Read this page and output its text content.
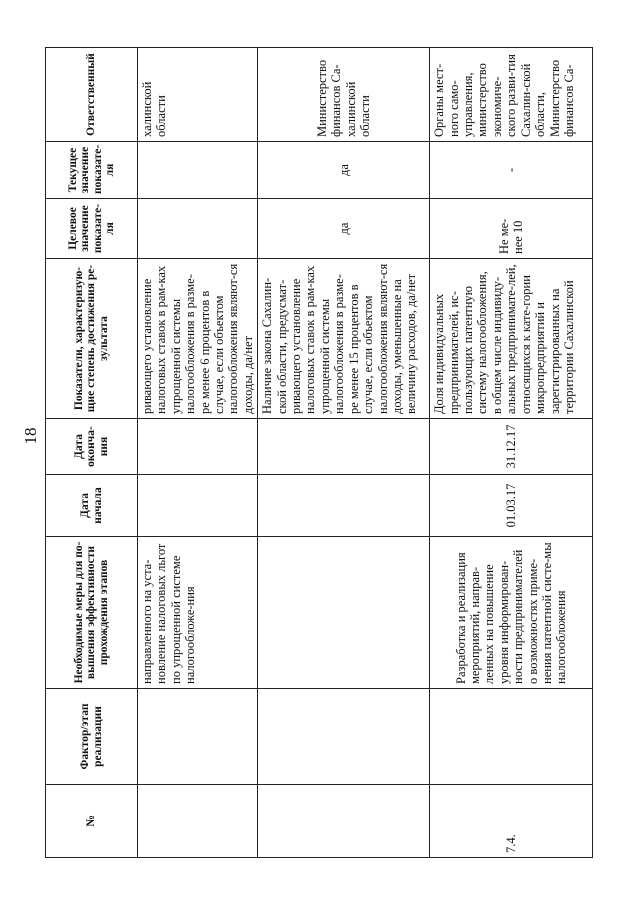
18
№	Фактор/этап реализации	Необходимые меры для по-вышения эффективности прохождения этапов	Дата начала	Дата оконча-ния	Показатели, характеризую-щие степень достижения ре-зультата	Целевое значение показате-ля	Текущее значение показате-ля	Ответственный
		направленного на уста-новление налоговых льгот по упрощенной системе налогообложе-ния			ривающего установление налоговых ставок в рам-ках упрощенной системы налогообложения в разме-ре менее 6 процентов в случае, если объектом налогообложения являют-ся доходы, да/нет			халинской области
					Наличие закона Сахалин-ской области, предусмат-ривающего установление налоговых ставок в рам-ках упрощенной системы налогообложения в разме-ре менее 15 процентов в случае, если объектом налогообложения являют-ся доходы, уменьшенные на величину расходов, да/нет	да	да	Министерство финансов Са-халинской области
7.4.		Разработка и реализация мероприятий, направ-ленных на повышение уровня информирован-ности предпринимателей о возможностях приме-нения патентной систе-мы налогообложения	01.03.17	31.12.17	Доля индивидуальных предпринимателей, ис-пользующих патентную систему налогообложения, в общем числе индивиду-альных предпринимате-лей, относящихся к кате-гории микропредприятий и зарегистрированных на территории Сахалинской	Не ме-нее 10	-	Органы мест-ного само-управления, министерство экономиче-ского разви-тия Сахалин-ской области, Министерство финансов Са-
